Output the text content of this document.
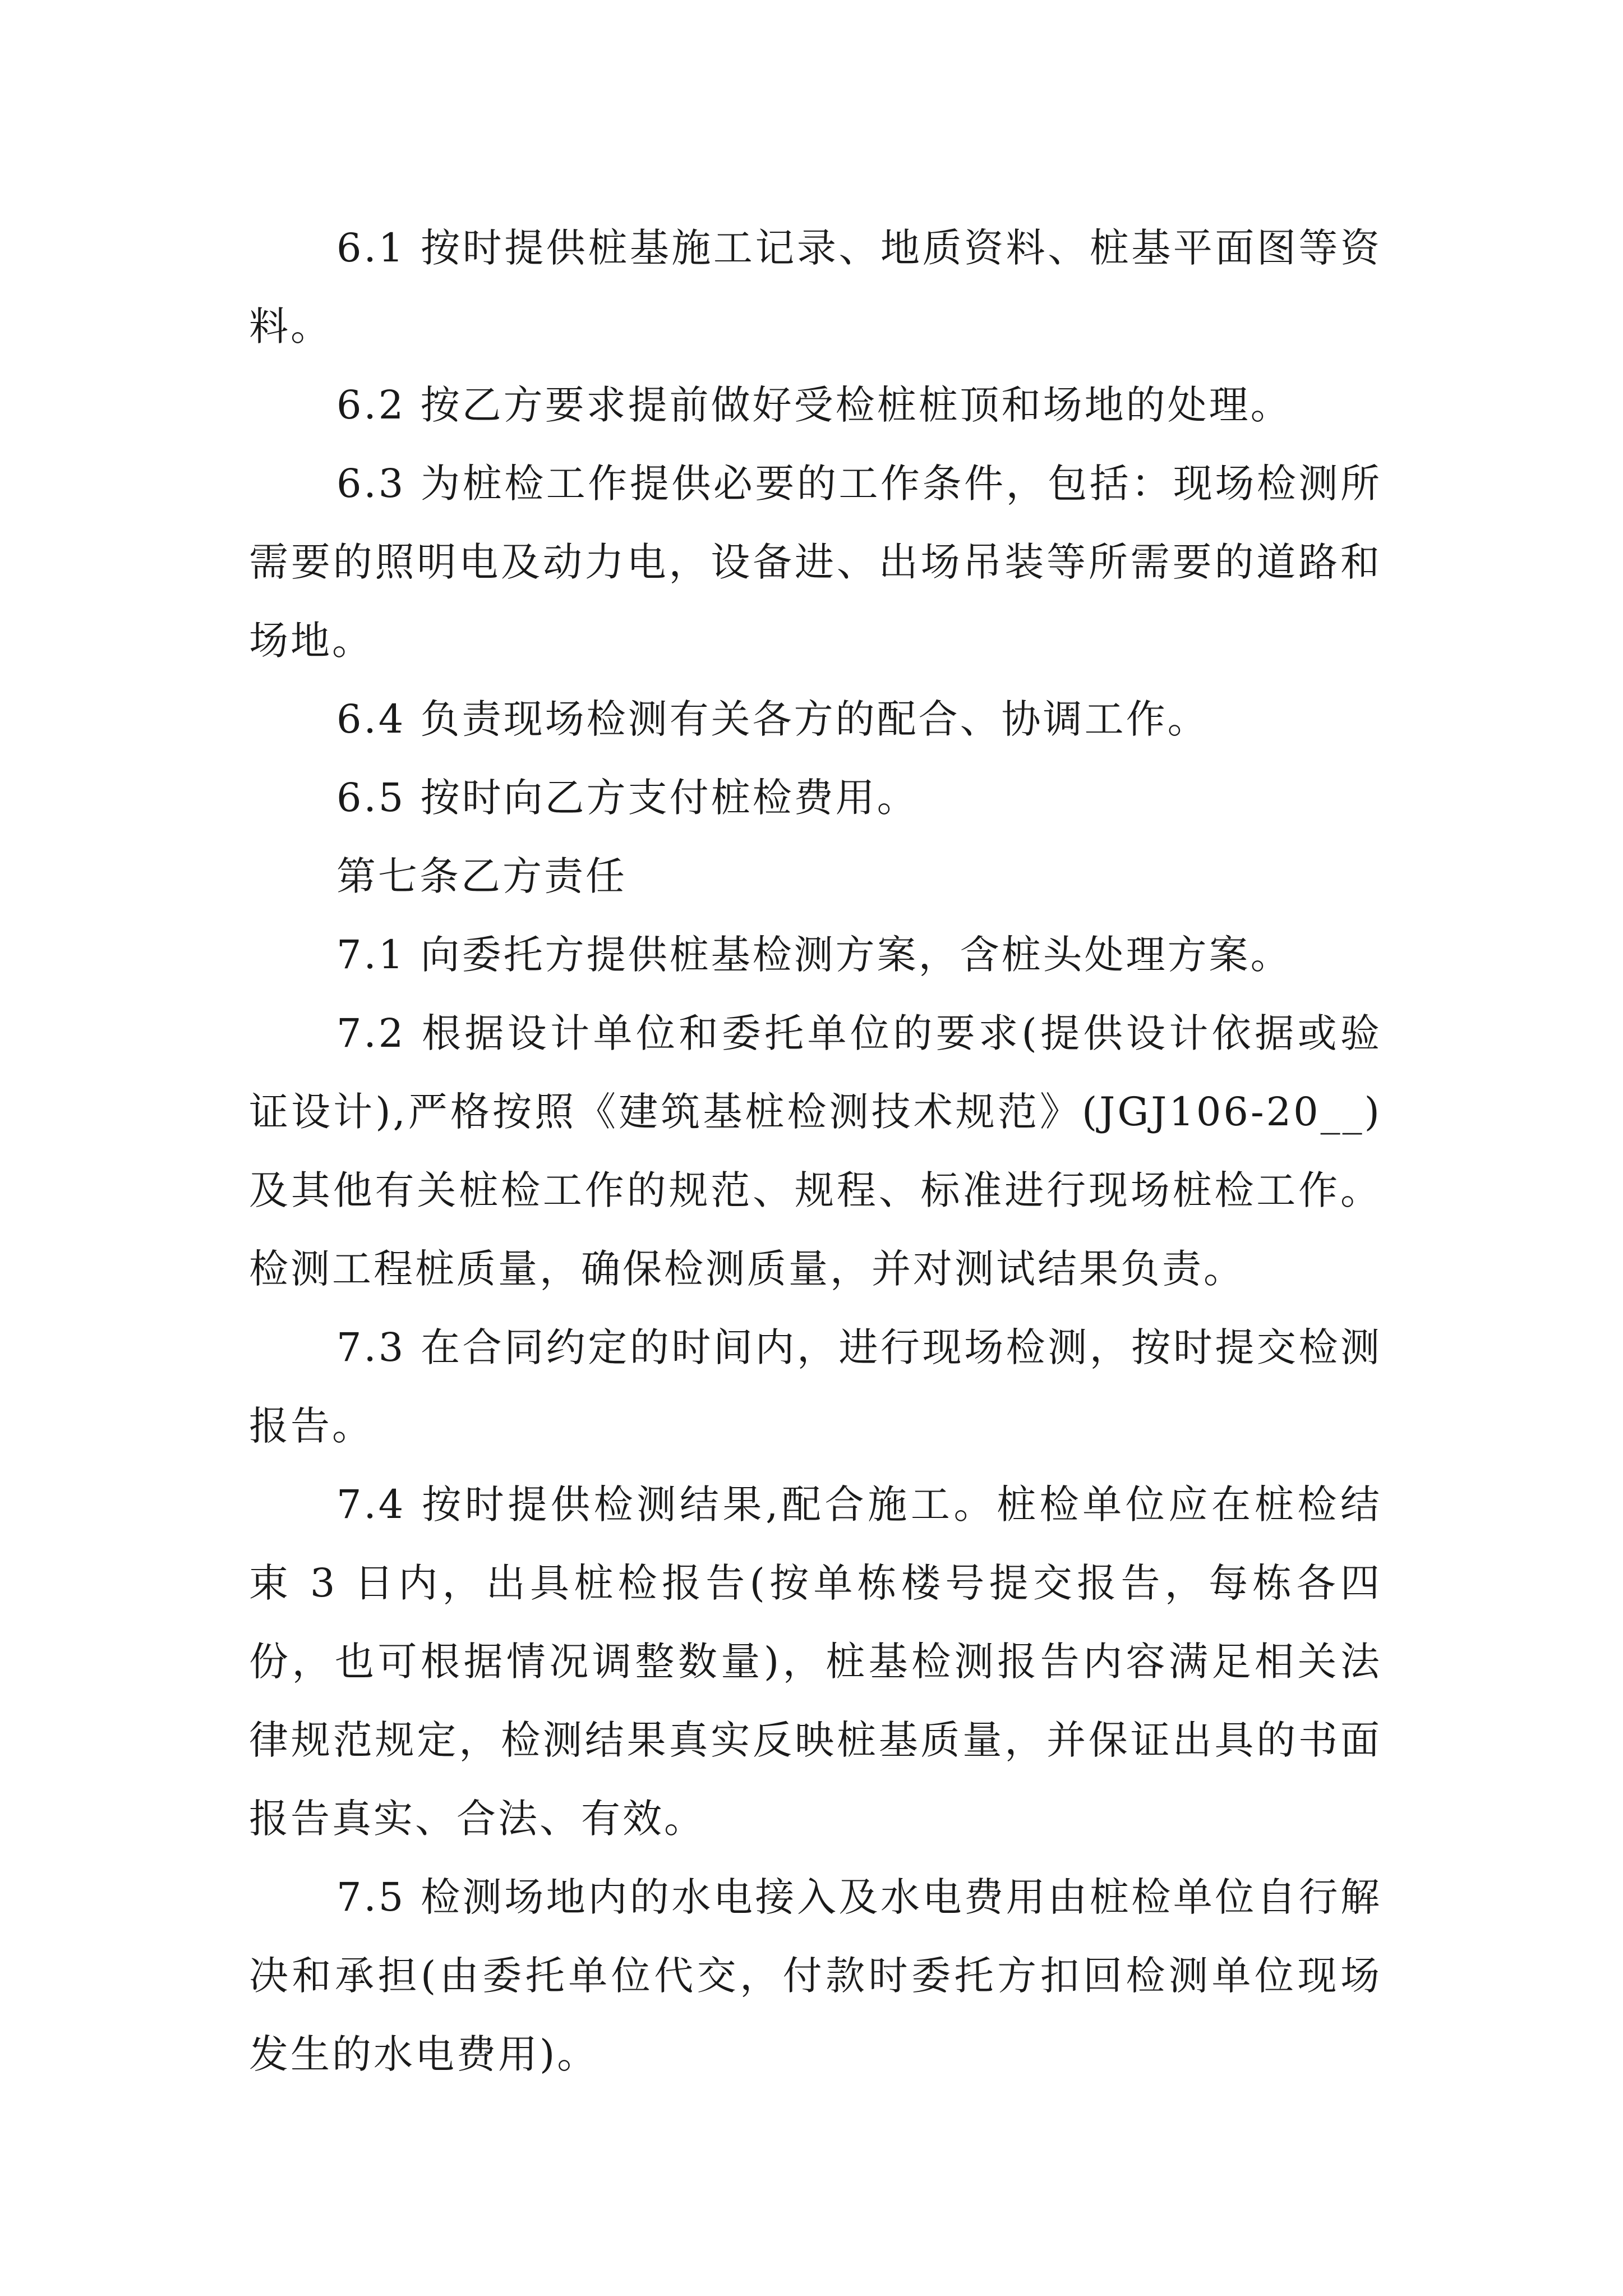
6.1 按时提供桩基施工记录、地质资料、桩基平面图等资料。

6.2 按乙方要求提前做好受检桩桩顶和场地的处理。

6.3 为桩检工作提供必要的工作条件，包括：现场检测所需要的照明电及动力电，设备进、出场吊装等所需要的道路和场地。

6.4 负责现场检测有关各方的配合、协调工作。

6.5 按时向乙方支付桩检费用。

第七条乙方责任

7.1 向委托方提供桩基检测方案，含桩头处理方案。

7.2 根据设计单位和委托单位的要求(提供设计依据或验证设计),严格按照《建筑基桩检测技术规范》(JGJ106-20__)及其他有关桩检工作的规范、规程、标准进行现场桩检工作。检测工程桩质量，确保检测质量，并对测试结果负责。

7.3 在合同约定的时间内，进行现场检测，按时提交检测报告。

7.4 按时提供检测结果,配合施工。桩检单位应在桩检结束 3 日内，出具桩检报告(按单栋楼号提交报告，每栋各四份，也可根据情况调整数量)，桩基检测报告内容满足相关法律规范规定，检测结果真实反映桩基质量，并保证出具的书面报告真实、合法、有效。

7.5 检测场地内的水电接入及水电费用由桩检单位自行解决和承担(由委托单位代交，付款时委托方扣回检测单位现场发生的水电费用)。
